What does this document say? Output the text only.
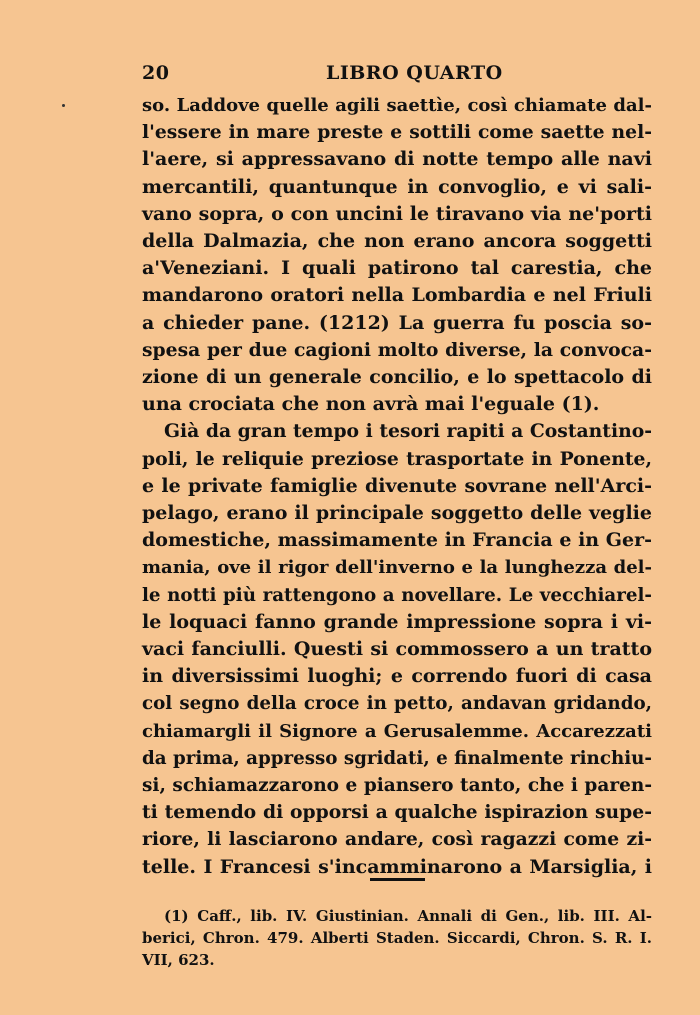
20	LIBRO QUARTO
so. Laddove quelle agili saettìe, così chiamate dal-
l'essere in mare preste e sottili come saette nel-
l'aere, si appressavano di notte tempo alle navi
mercantili, quantunque in convoglio, e vi sali-
vano sopra, o con uncini le tiravano via ne'porti
della Dalmazia, che non erano ancora soggetti
a'Veneziani. I quali patirono tal carestia, che
mandarono oratori nella Lombardia e nel Friuli
a chieder pane. (1212) La guerra fu poscia so-
spesa per due cagioni molto diverse, la convoca-
zione di un generale concilio, e lo spettacolo di
una crociata che non avrà mai l'eguale (1).
Già da gran tempo i tesori rapiti a Costantino-
poli, le reliquie preziose trasportate in Ponente,
e le private famiglie divenute sovrane nell'Arci-
pelago, erano il principale soggetto delle veglie
domestiche, massimamente in Francia e in Ger-
mania, ove il rigor dell'inverno e la lunghezza del-
le notti più rattengono a novellare. Le vecchiarel-
le loquaci fanno grande impressione sopra i vi-
vaci fanciulli. Questi si commossero a un tratto
in diversissimi luoghi; e correndo fuori di casa
col segno della croce in petto, andavan gridando,
chiamargli il Signore a Gerusalemme. Accarezzati
da prima, appresso sgridati, e finalmente rinchiu-
si, schiamazzarono e piansero tanto, che i paren-
ti temendo di opporsi a qualche ispirazion supe-
riore, li lasciarono andare, così ragazzi come zi-
telle. I Francesi s'incamminarono a Marsiglia, i
(1) Caff., lib. IV. Giustinian. Annali di Gen., lib. III. Al-
berici, Chron. 479. Alberti Staden. Siccardi, Chron. S. R. I.
VII, 623.
